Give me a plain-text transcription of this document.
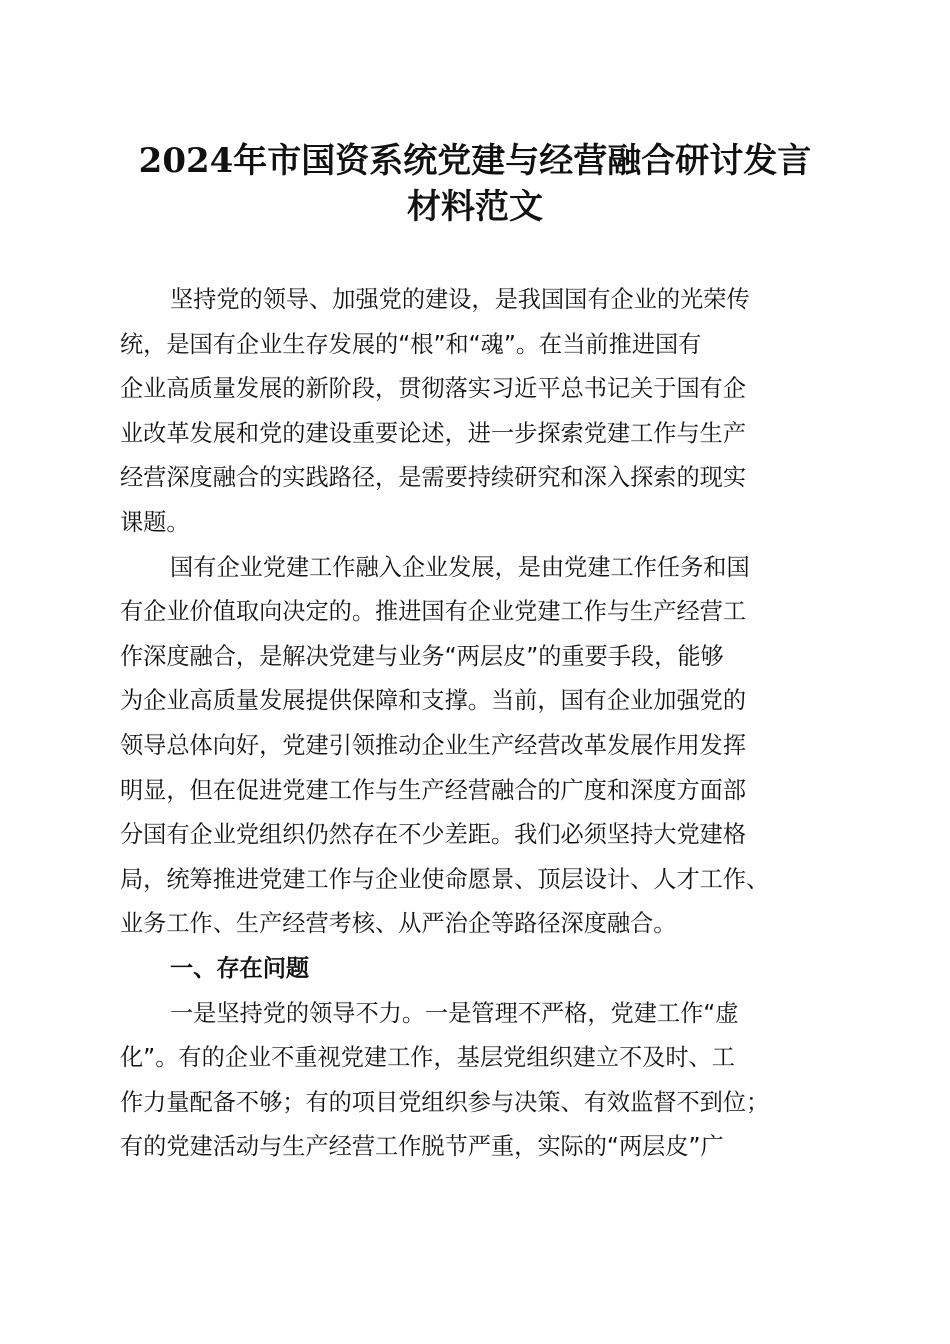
2024年市国资系统党建与经营融合研讨发言
材料范文
坚持党的领导、加强党的建设，是我国国有企业的光荣传
统，是国有企业生存发展的“根”和“魂”。在当前推进国有
企业高质量发展的新阶段，贯彻落实习近平总书记关于国有企
业改革发展和党的建设重要论述，进一步探索党建工作与生产
经营深度融合的实践路径，是需要持续研究和深入探索的现实
课题。
国有企业党建工作融入企业发展，是由党建工作任务和国
有企业价值取向决定的。推进国有企业党建工作与生产经营工
作深度融合，是解决党建与业务“两层皮”的重要手段，能够
为企业高质量发展提供保障和支撑。当前，国有企业加强党的
领导总体向好，党建引领推动企业生产经营改革发展作用发挥
明显，但在促进党建工作与生产经营融合的广度和深度方面部
分国有企业党组织仍然存在不少差距。我们必须坚持大党建格
局，统筹推进党建工作与企业使命愿景、顶层设计、人才工作、
业务工作、生产经营考核、从严治企等路径深度融合。
一、存在问题
一是坚持党的领导不力。一是管理不严格，党建工作“虚
化”。有的企业不重视党建工作，基层党组织建立不及时、工
作力量配备不够；有的项目党组织参与决策、有效监督不到位；
有的党建活动与生产经营工作脱节严重，实际的“两层皮”广
